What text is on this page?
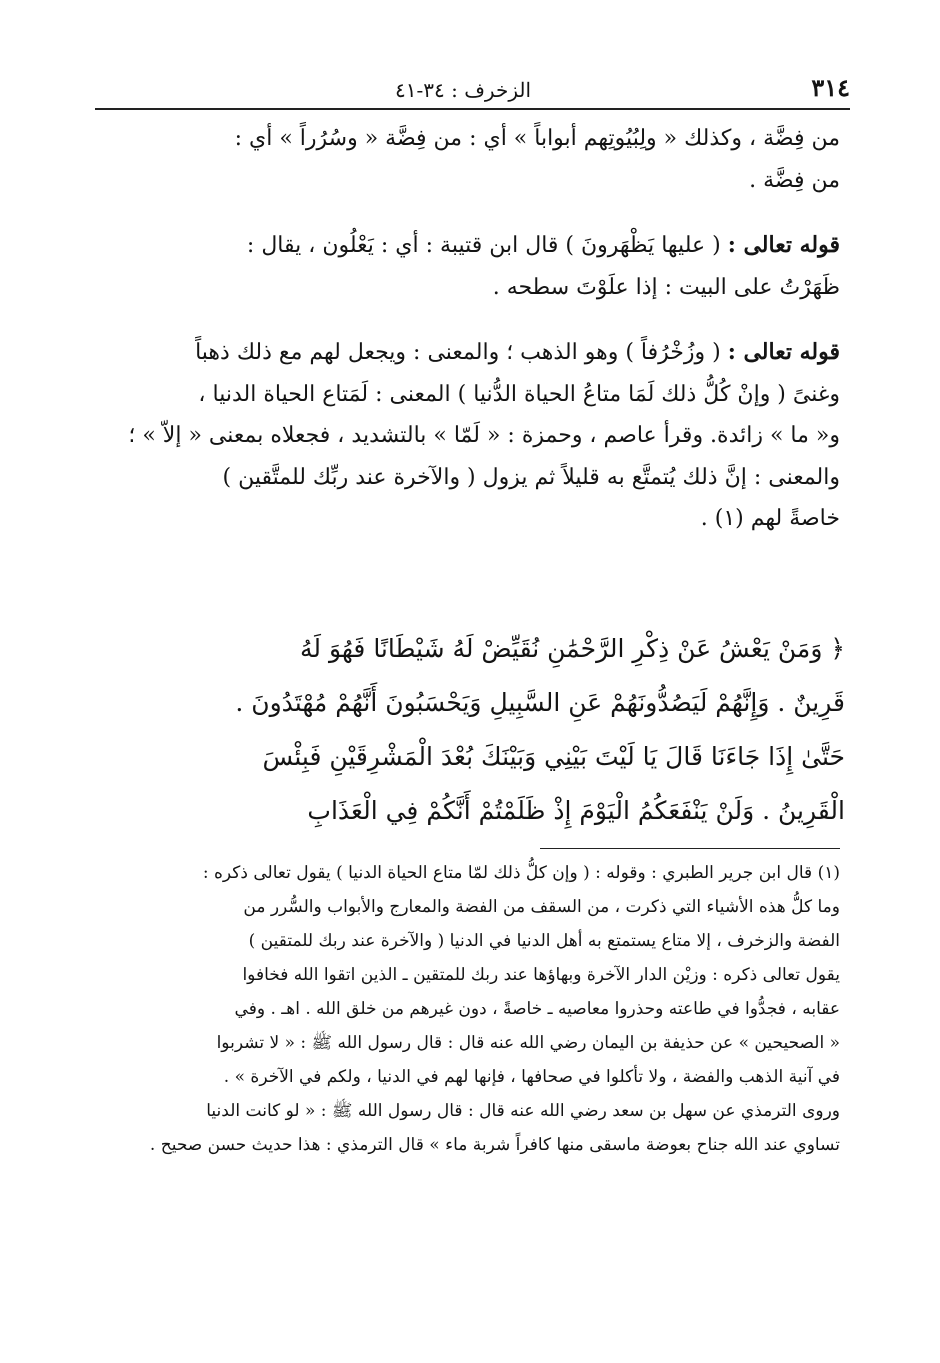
٣١٤
الزخرف : ٣٤-٤١

من فِضَّة ، وكذلك « ولِبُيُوتِهم أبواباً » أي : من فِضَّة « وسُرُراً » أي :

من فِضَّة .

قوله تعالى : ( عليها يَظْهَرونَ ) قال ابن قتيبة : أي : يَعْلُون ، يقال :

ظَهَرْتُ على البيت : إذا علَوْتَ سطحه .

قوله تعالى : ( وزُخْرُفاً ) وهو الذهب ؛ والمعنى : ويجعل لهم مع ذلك ذهباً

وغنىً ( وإنْ كُلُّ ذلك لَمَا متاعُ الحياة الدُّنيا ) المعنى : لَمَتاع الحياة الدنيا ،

و« ما » زائدة. وقرأ عاصم ، وحمزة : « لَمّا » بالتشديد ، فجعلاه بمعنى « إلاّ » ؛

والمعنى : إنَّ ذلك يُتمتَّع به قليلاً ثم يزول ( والآخرة عند ربِّك للمتَّقين )

خاصةً لهم (١) .

﴿ وَمَنْ يَعْشُ عَنْ ذِكْرِ الرَّحْمَٰنِ نُقَيِّضْ لَهُ شَيْطَانًا فَهُوَ لَهُ

قَرِينٌ . وَإِنَّهُمْ لَيَصُدُّونَهُمْ عَنِ السَّبِيلِ وَيَحْسَبُونَ أَنَّهُمْ مُهْتَدُونَ .

حَتَّىٰ إِذَا جَاءَنَا قَالَ يَا لَيْتَ بَيْنِي وَبَيْنَكَ بُعْدَ الْمَشْرِقَيْنِ فَبِئْسَ

الْقَرِينُ . وَلَنْ يَنْفَعَكُمُ الْيَوْمَ إِذْ ظَلَمْتُمْ أَنَّكُمْ فِي الْعَذَابِ

(١) قال ابن جرير الطبري : وقوله : ( وإن كلُّ ذلك لمّا متاع الحياة الدنيا ) يقول تعالى ذكره :

وما كلُّ هذه الأشياء التي ذكرت ، من السقف من الفضة والمعارج والأبواب والسُّرر من

الفضة والزخرف ، إلا متاع يستمتع به أهل الدنيا في الدنيا ( والآخرة عند ربك للمتقين )

يقول تعالى ذكره : وزيْن الدار الآخرة وبهاؤها عند ربك للمتقين ـ الذين اتقوا الله فخافوا

عقابه ، فجدُّوا في طاعته وحذروا معاصيه ـ خاصةً ، دون غيرهم من خلق الله . اهـ . وفي

« الصحيحين » عن حذيفة بن اليمان رضي الله عنه قال : قال رسول الله ﷺ : « لا تشربوا

في آنية الذهب والفضة ، ولا تأكلوا في صحافها ، فإنها لهم في الدنيا ، ولكم في الآخرة » .

وروى الترمذي عن سهل بن سعد رضي الله عنه قال : قال رسول الله ﷺ : « لو كانت الدنيا

تساوي عند الله جناح بعوضة ماسقى منها كافراً شربة ماء » قال الترمذي : هذا حديث حسن صحيح .
